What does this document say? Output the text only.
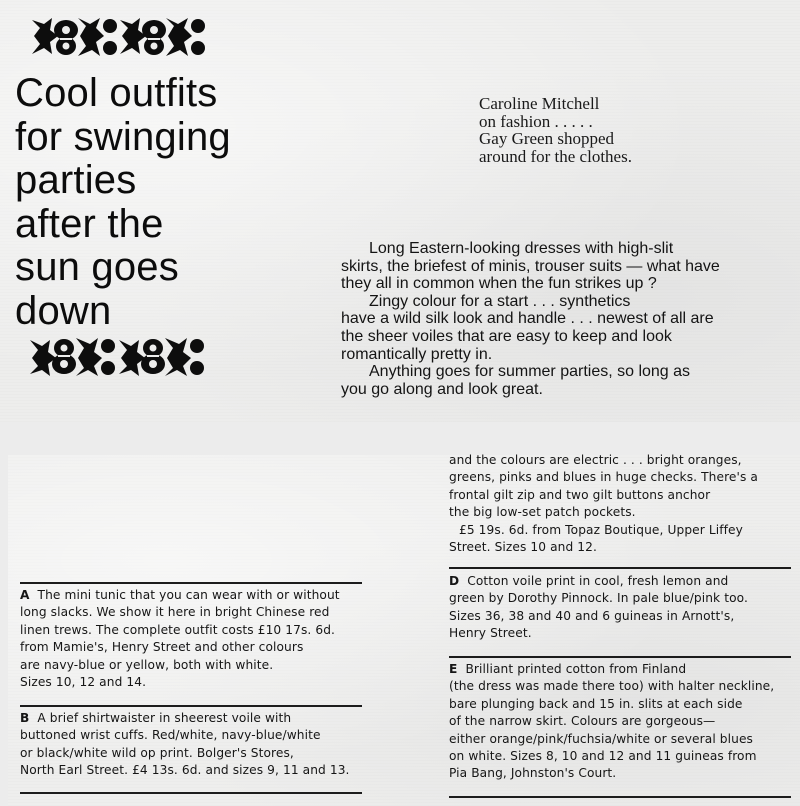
Cool outfits
for swinging
parties
after the
sun goes
down
Caroline Mitchell
on fashion . . . . .
Gay Green shopped
around for the clothes.
Long Eastern-looking dresses with high-slit
skirts, the briefest of minis, trouser suits — what have
they all in common when the fun strikes up ?
Zingy colour for a start . . . synthetics
have a wild silk look and handle . . . newest of all are
the sheer voiles that are easy to keep and look
romantically pretty in.
Anything goes for summer parties, so long as
you go along and look great.
and the colours are electric . . . bright oranges,
greens, pinks and blues in huge checks. There's a
frontal gilt zip and two gilt buttons anchor
the big low-set patch pockets.
£5 19s. 6d. from Topaz Boutique, Upper Liffey
Street. Sizes 10 and 12.
D Cotton voile print in cool, fresh lemon and
green by Dorothy Pinnock. In pale blue/pink too.
Sizes 36, 38 and 40 and 6 guineas in Arnott's,
Henry Street.
E Brilliant printed cotton from Finland
(the dress was made there too) with halter neckline,
bare plunging back and 15 in. slits at each side
of the narrow skirt. Colours are gorgeous—
either orange/pink/fuchsia/white or several blues
on white. Sizes 8, 10 and 12 and 11 guineas from
Pia Bang, Johnston's Court.
A The mini tunic that you can wear with or without
long slacks. We show it here in bright Chinese red
linen trews. The complete outfit costs £10 17s. 6d.
from Mamie's, Henry Street and other colours
are navy-blue or yellow, both with white.
Sizes 10, 12 and 14.
B A brief shirtwaister in sheerest voile with
buttoned wrist cuffs. Red/white, navy-blue/white
or black/white wild op print. Bolger's Stores,
North Earl Street. £4 13s. 6d. and sizes 9, 11 and 13.
